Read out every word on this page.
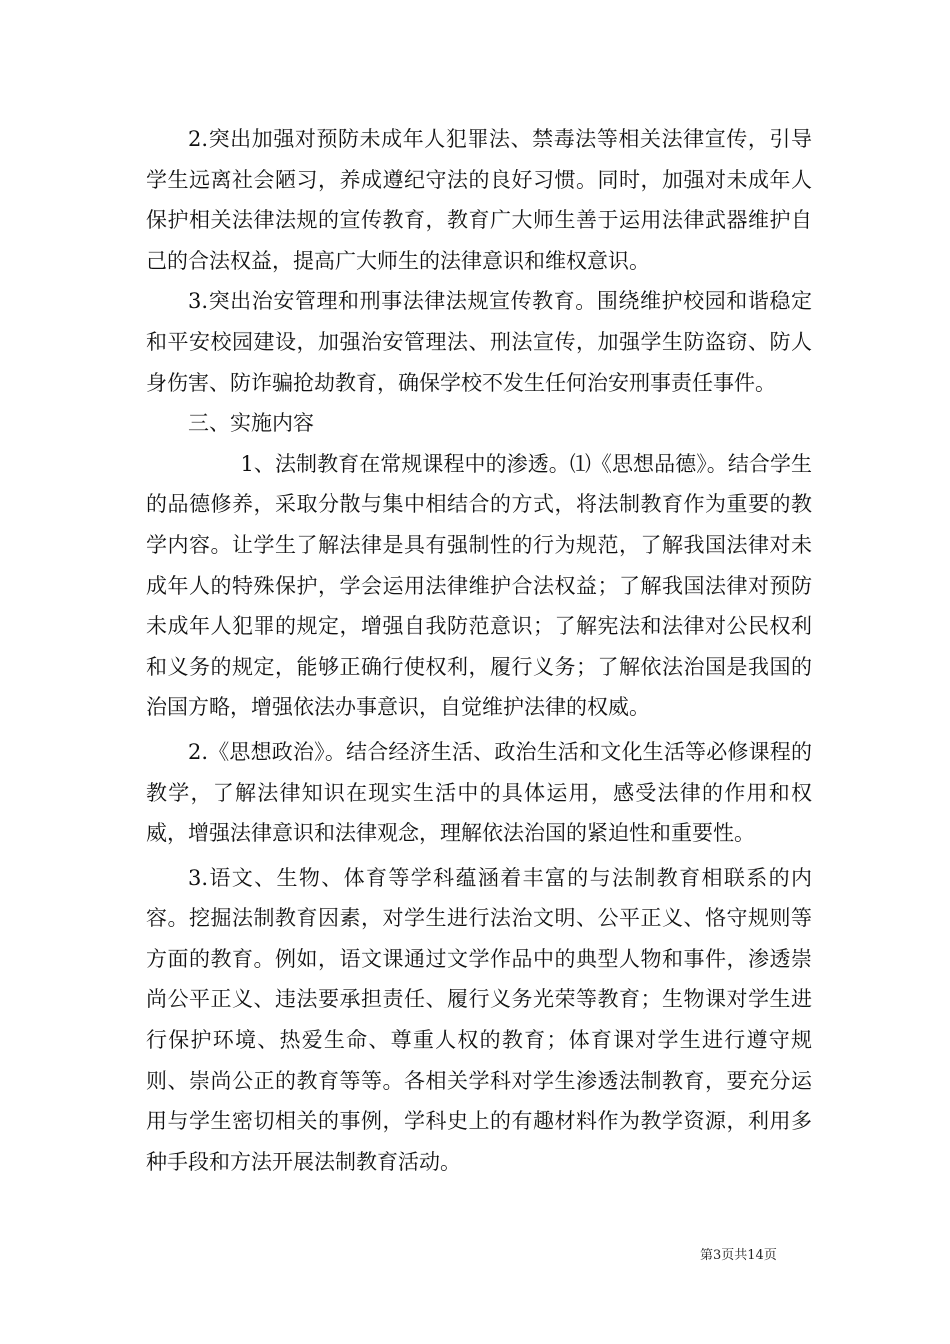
2.突出加强对预防未成年人犯罪法、禁毒法等相关法律宣传，引导学生远离社会陋习，养成遵纪守法的良好习惯。同时，加强对未成年人保护相关法律法规的宣传教育，教育广大师生善于运用法律武器维护自己的合法权益，提高广大师生的法律意识和维权意识。

3.突出治安管理和刑事法律法规宣传教育。围绕维护校园和谐稳定和平安校园建设，加强治安管理法、刑法宣传，加强学生防盗窃、防人身伤害、防诈骗抢劫教育，确保学校不发生任何治安刑事责任事件。

三、实施内容

1、法制教育在常规课程中的渗透。⑴《思想品德》。结合学生的品德修养，采取分散与集中相结合的方式，将法制教育作为重要的教学内容。让学生了解法律是具有强制性的行为规范，了解我国法律对未成年人的特殊保护，学会运用法律维护合法权益；了解我国法律对预防未成年人犯罪的规定，增强自我防范意识；了解宪法和法律对公民权利和义务的规定，能够正确行使权利，履行义务；了解依法治国是我国的治国方略，增强依法办事意识，自觉维护法律的权威。

2.《思想政治》。结合经济生活、政治生活和文化生活等必修课程的教学，了解法律知识在现实生活中的具体运用，感受法律的作用和权威，增强法律意识和法律观念，理解依法治国的紧迫性和重要性。

3.语文、生物、体育等学科蕴涵着丰富的与法制教育相联系的内容。挖掘法制教育因素，对学生进行法治文明、公平正义、恪守规则等方面的教育。例如，语文课通过文学作品中的典型人物和事件，渗透崇尚公平正义、违法要承担责任、履行义务光荣等教育；生物课对学生进行保护环境、热爱生命、尊重人权的教育；体育课对学生进行遵守规则、崇尚公正的教育等等。各相关学科对学生渗透法制教育，要充分运用与学生密切相关的事例，学科史上的有趣材料作为教学资源，利用多种手段和方法开展法制教育活动。

第3页共14页
